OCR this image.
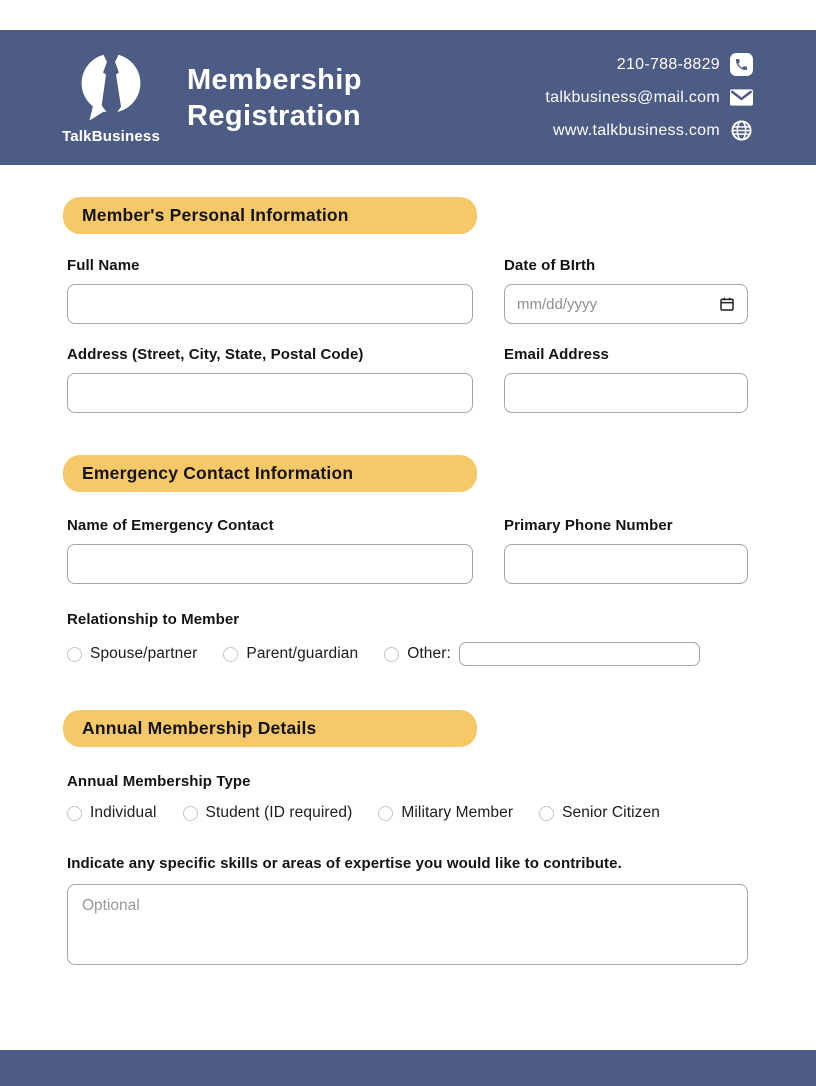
TalkBusiness
Membership
Registration
210-788-8829
talkbusiness@mail.com
www.talkbusiness.com
Member's Personal Information
Full Name	Date of BIrth
mm/dd/yyyy
Address (Street, City, State, Postal Code)	Email Address
Emergency Contact Information
Name of Emergency Contact	Primary Phone Number
Relationship to Member
Spouse/partner	Parent/guardian	Other:
Annual Membership Details
Annual Membership Type
Individual	Student (ID required)	Military Member	Senior Citizen
Indicate any specific skills or areas of expertise you would like to contribute.
Optional
